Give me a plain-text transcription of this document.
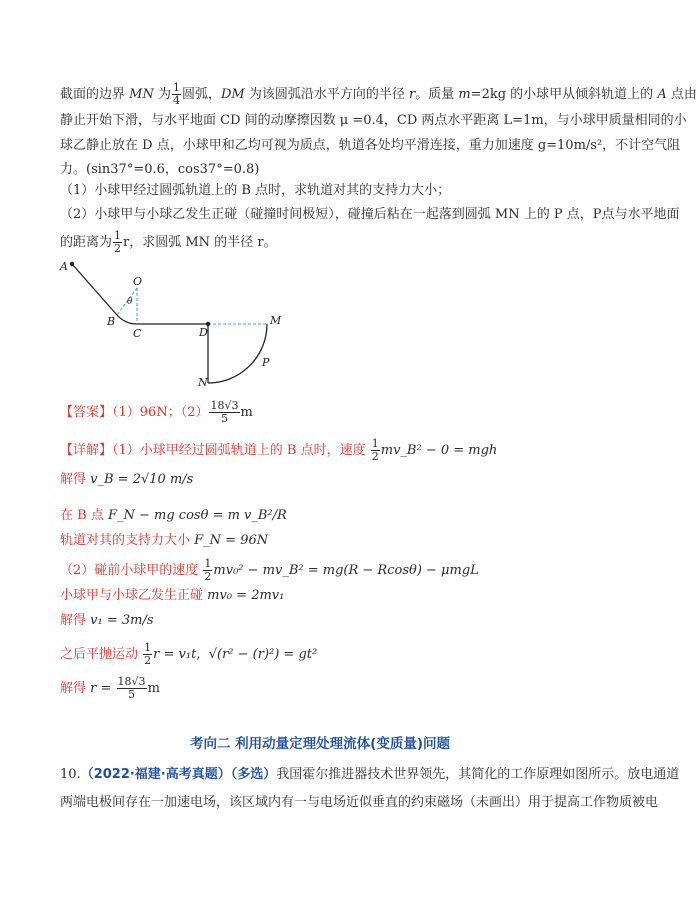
截面的边界 MN 为 $\frac{1}{4}$ 圆弧，DM 为该圆弧沿水平方向的半径 r。质量 m=2kg 的小球甲从倾斜轨道上的 A 点由
静止开始下滑，与水平地面 CD 间的动摩擦因数 μ =0.4，CD 两点水平距离 L=1m，与小球甲质量相同的小
球乙静止放在 D 点，小球甲和乙均可视为质点，轨道各处均平滑连接，重力加速度 g=10m/s²，不计空气阻
力。(sin37°=0.6，cos37°=0.8)
（1）小球甲经过圆弧轨道上的 B 点时，求轨道对其的支持力大小；
（2）小球甲与小球乙发生正碰（碰撞时间极短），碰撞后粘在一起落到圆弧 MN 上的 P 点，P点与水平地面
的距离为 $\frac{1}{2}$ r，求圆弧 MN 的半径 r。
A
O
θ
B
C	D
M
P
N
【答案】（1）96N；$(2) \frac{18√3}{5}$ m
【详解】（1）小球甲经过圆弧轨道上的 B 点时，速度 $\frac{1}{2}$ mv_B² − 0 = mgh
解得 v_B = 2√10 m/s
在 B 点 F_N − mg cosθ = m v_B²/R
轨道对其的支持力大小 F_N = 96N
（2）碰前小球甲的速度 $\frac{1}{2} mv_0^2$ − mv_B² = mg(R − Rcosθ) − μmgL
小球甲与小球乙发生正碰 mv₀ = 2mv₁
解得 v₁ = 3m/s
之后平抛运动 $\frac{1}{2}$ r = v₁t,  √(r² − (r)²) = gt²
解得 $r = \frac{18√3}{5}$ m
考向二 利用动量定理处理流体(变质量)问题
10.（2022·福建·高考真题）（多选）我国霍尔推进器技术世界领先，其简化的工作原理如图所示。放电通道
两端电极间存在一加速电场，该区域内有一与电场近似垂直的约束磁场（未画出）用于提高工作物质被电
